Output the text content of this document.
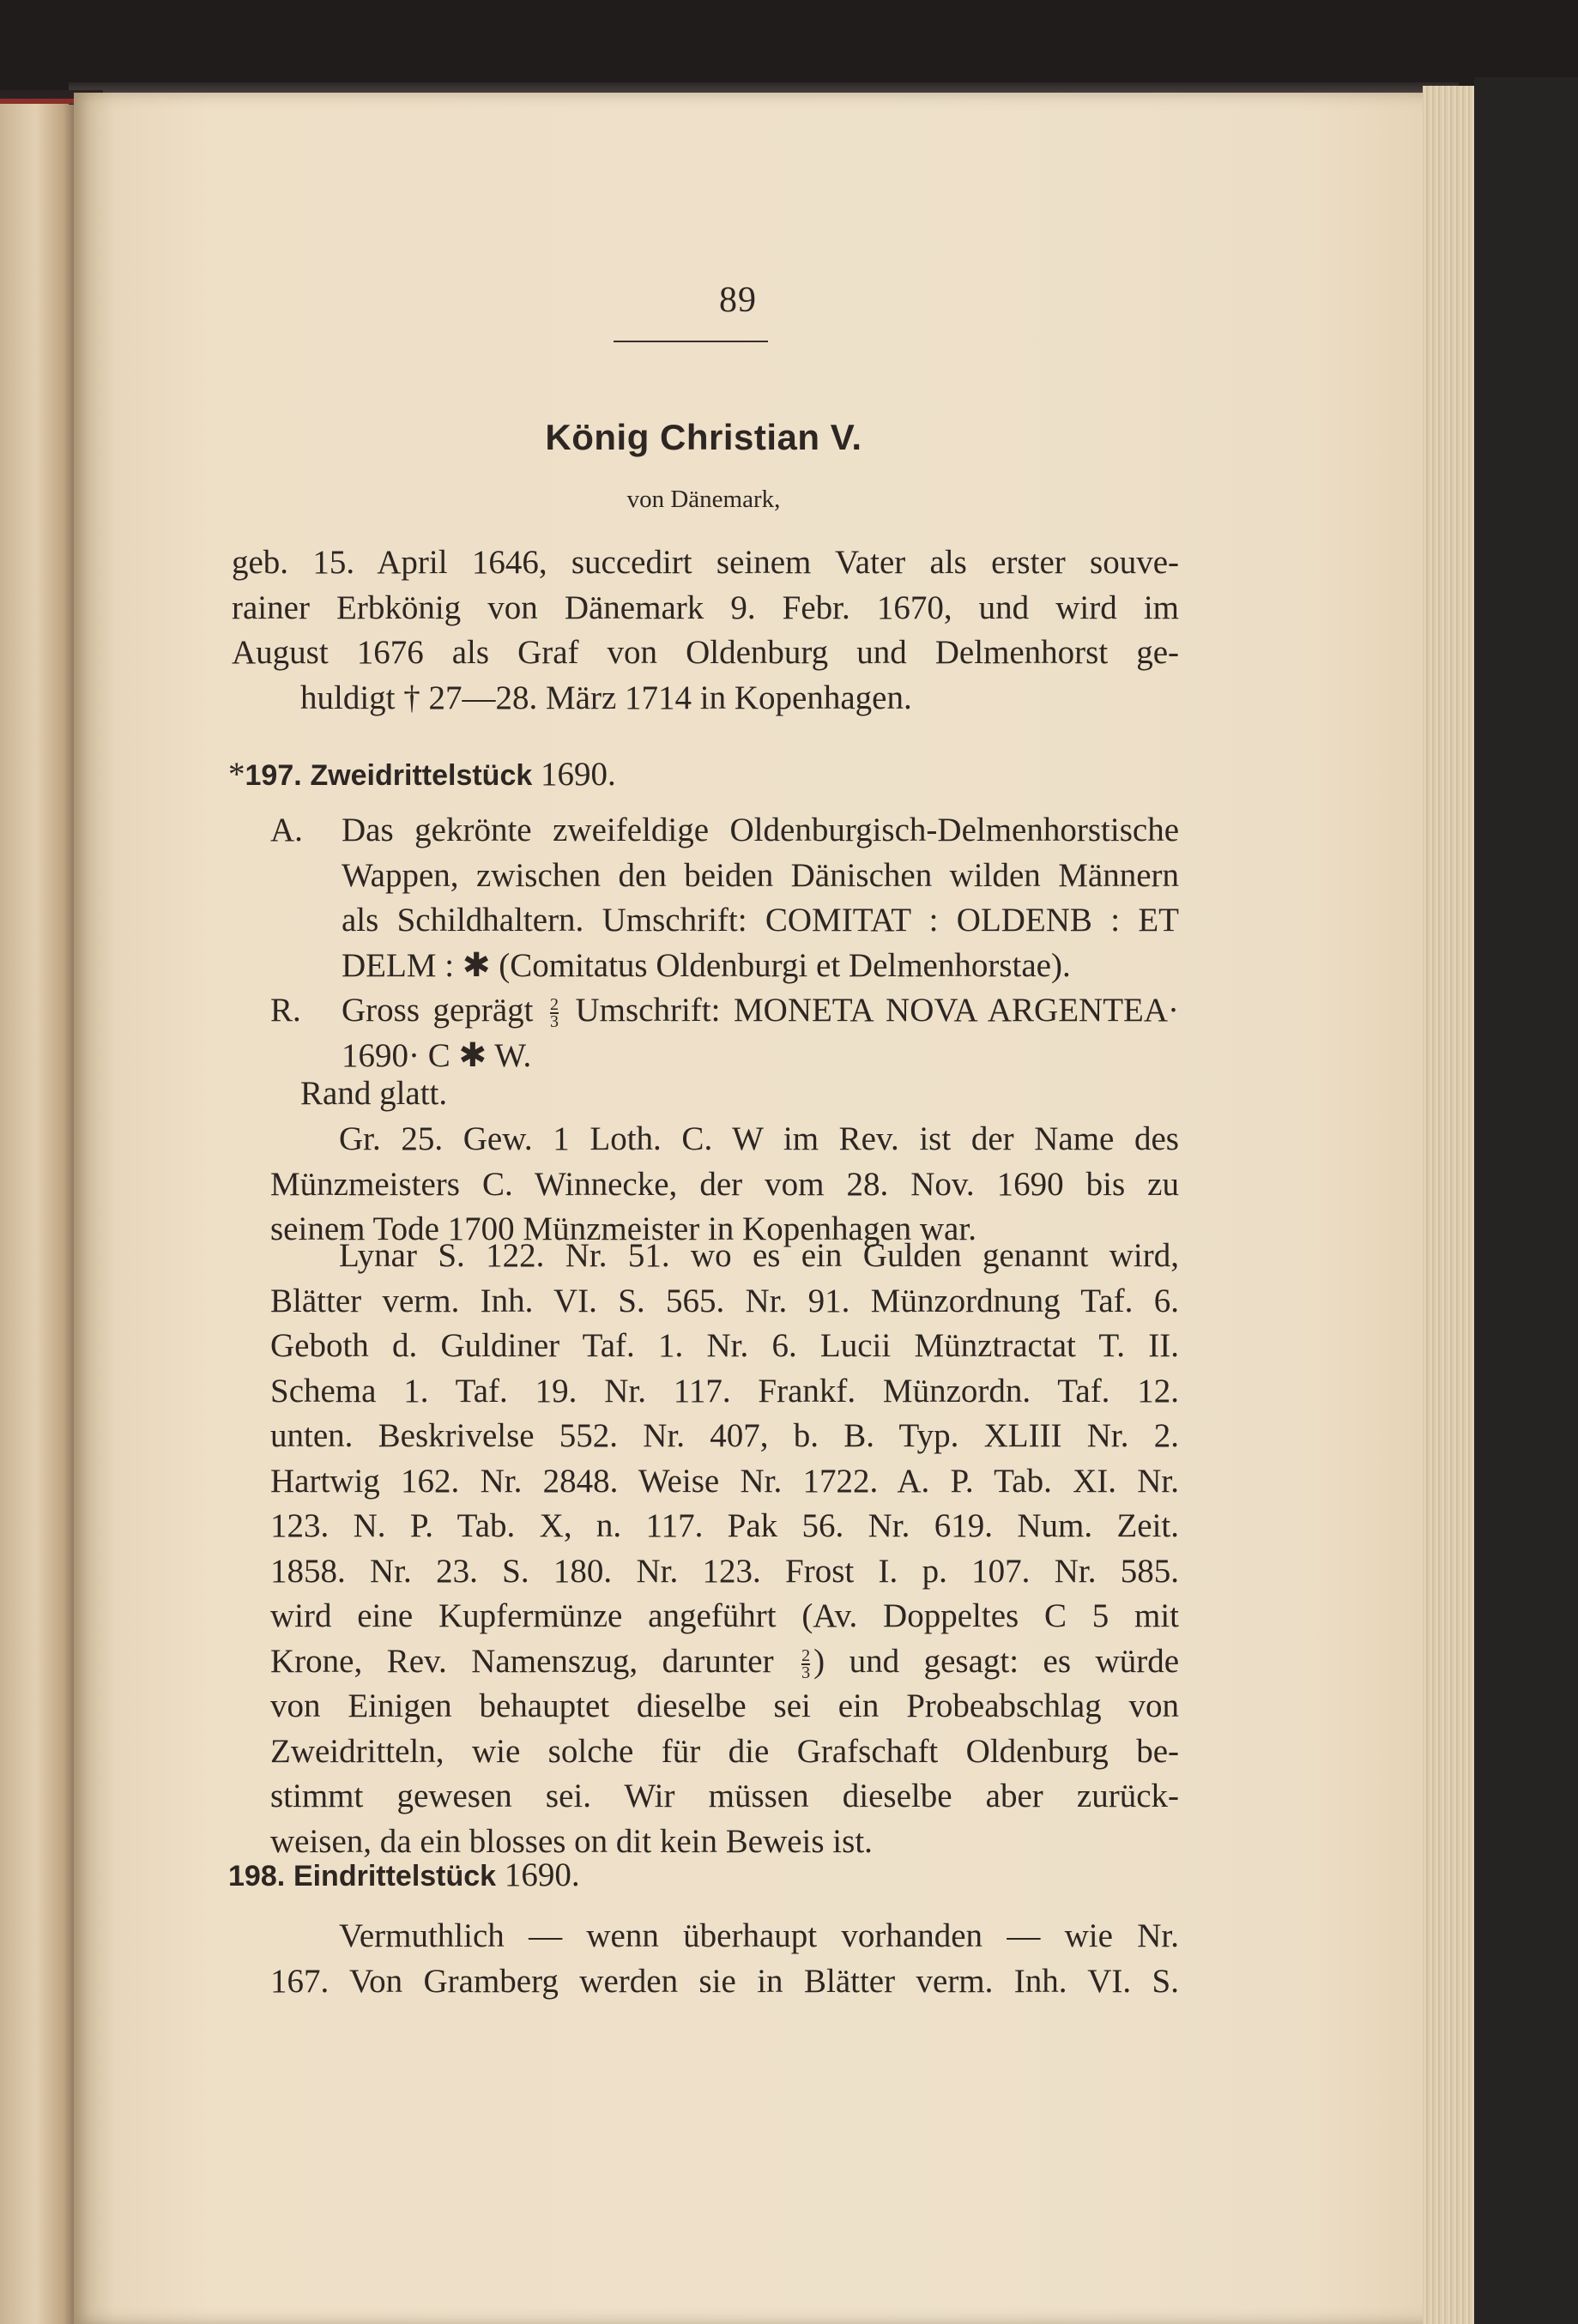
89
König Christian V.
von Dänemark,
geb. 15. April 1646, succedirt seinem Vater als erster souve-
rainer Erbkönig von Dänemark 9. Febr. 1670, und wird im
August 1676 als Graf von Oldenburg und Delmenhorst ge-
huldigt † 27—28. März 1714 in Kopenhagen.
*197. Zweidrittelstück 1690.
A.	Das gekrönte zweifeldige Oldenburgisch-Delmenhorstische
Wappen, zwischen den beiden Dänischen wilden Männern
als Schildhaltern. Umschrift: COMITAT : OLDENB : ET
DELM : ✱ (Comitatus Oldenburgi et Delmenhorstae).
R.	Gross geprägt $\frac{2}{3}$ Umschrift: MONETA NOVA ARGENTEA·
1690· C ✱ W.
Rand glatt.
Gr. 25. Gew. 1 Loth. C. W im Rev. ist der Name des
Münzmeisters C. Winnecke, der vom 28. Nov. 1690 bis zu
seinem Tode 1700 Münzmeister in Kopenhagen war.
Lynar S. 122. Nr. 51. wo es ein Gulden genannt wird,
Blätter verm. Inh. VI. S. 565. Nr. 91. Münzordnung Taf. 6.
Geboth d. Guldiner Taf. 1. Nr. 6. Lucii Münztractat T. II.
Schema 1. Taf. 19. Nr. 117. Frankf. Münzordn. Taf. 12.
unten. Beskrivelse 552. Nr. 407, b. B. Typ. XLIII Nr. 2.
Hartwig 162. Nr. 2848. Weise Nr. 1722. A. P. Tab. XI. Nr.
123. N. P. Tab. X, n. 117. Pak 56. Nr. 619. Num. Zeit.
1858. Nr. 23. S. 180. Nr. 123. Frost I. p. 107. Nr. 585.
wird eine Kupfermünze angeführt (Av. Doppeltes C 5 mit
Krone, Rev. Namenszug, darunter $\frac{2}{3}$ ) und gesagt: es würde
von Einigen behauptet dieselbe sei ein Probeabschlag von
Zweidritteln, wie solche für die Grafschaft Oldenburg be-
stimmt gewesen sei. Wir müssen dieselbe aber zurück-
weisen, da ein blosses on dit kein Beweis ist.
198. Eindrittelstück 1690.
Vermuthlich — wenn überhaupt vorhanden — wie Nr.
167. Von Gramberg werden sie in Blätter verm. Inh. VI. S.
